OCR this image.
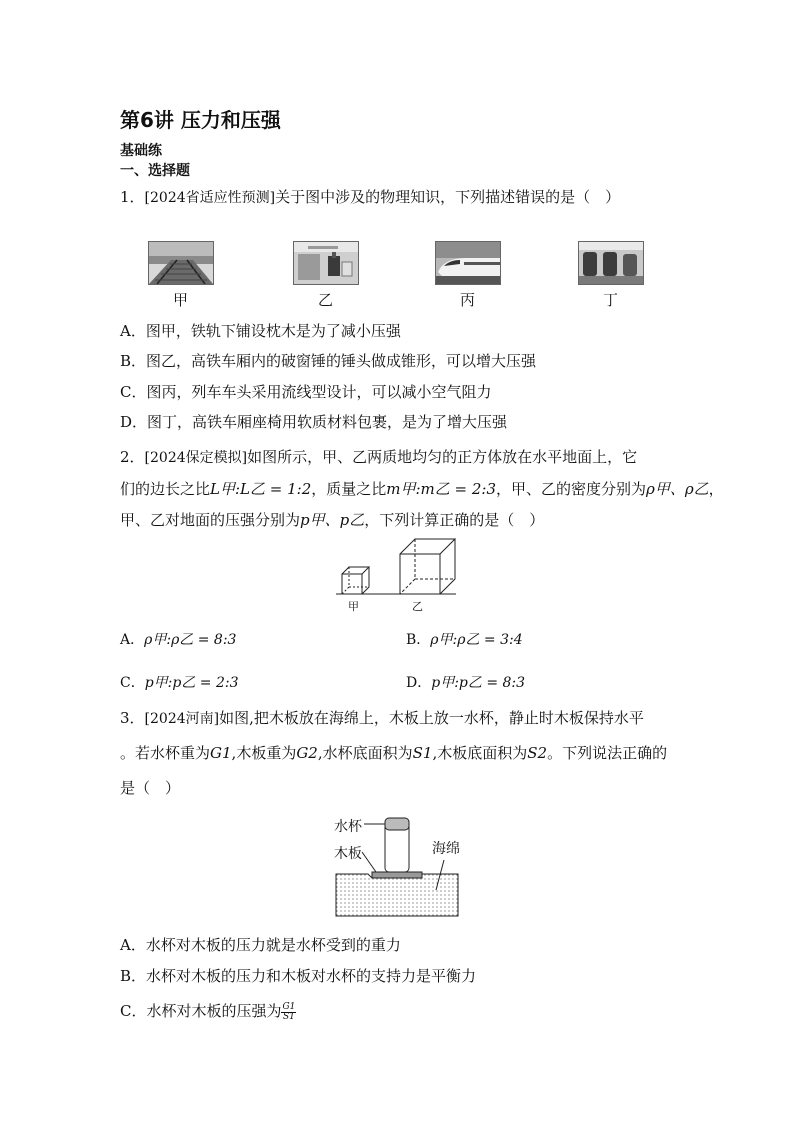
第6讲 压力和压强
基础练
一、选择题
1．[2024省适应性预测]关于图中涉及的物理知识，下列描述错误的是（　）
甲	乙	丙	丁
A．图甲，铁轨下铺设枕木是为了减小压强
B．图乙，高铁车厢内的破窗锤的锤头做成锥形，可以增大压强
C．图丙，列车车头采用流线型设计，可以减小空气阻力
D．图丁，高铁车厢座椅用软质材料包裹，是为了增大压强
2．[2024保定模拟]如图所示，甲、乙两质地均匀的正方体放在水平地面上，它
们的边长之比L甲:L乙 = 1:2，质量之比m甲:m乙 = 2:3，甲、乙的密度分别为ρ甲、ρ乙，
甲、乙对地面的压强分别为p甲、p乙，下列计算正确的是（　）
甲	乙
A．ρ甲:ρ乙 = 8:3	B．ρ甲:ρ乙 = 3:4
C．p甲:p乙 = 2:3	D．p甲:p乙 = 8:3
3．[2024河南]如图,把木板放在海绵上，木板上放一水杯，静止时木板保持水平
。若水杯重为G1,木板重为G2,水杯底面积为S1,木板底面积为S2。下列说法正确的
是（　）
水杯
木板	海绵
A．水杯对木板的压力就是水杯受到的重力
B．水杯对木板的压力和木板对水杯的支持力是平衡力
C．水杯对木板的压强为 $\frac{G1}{S1}$
